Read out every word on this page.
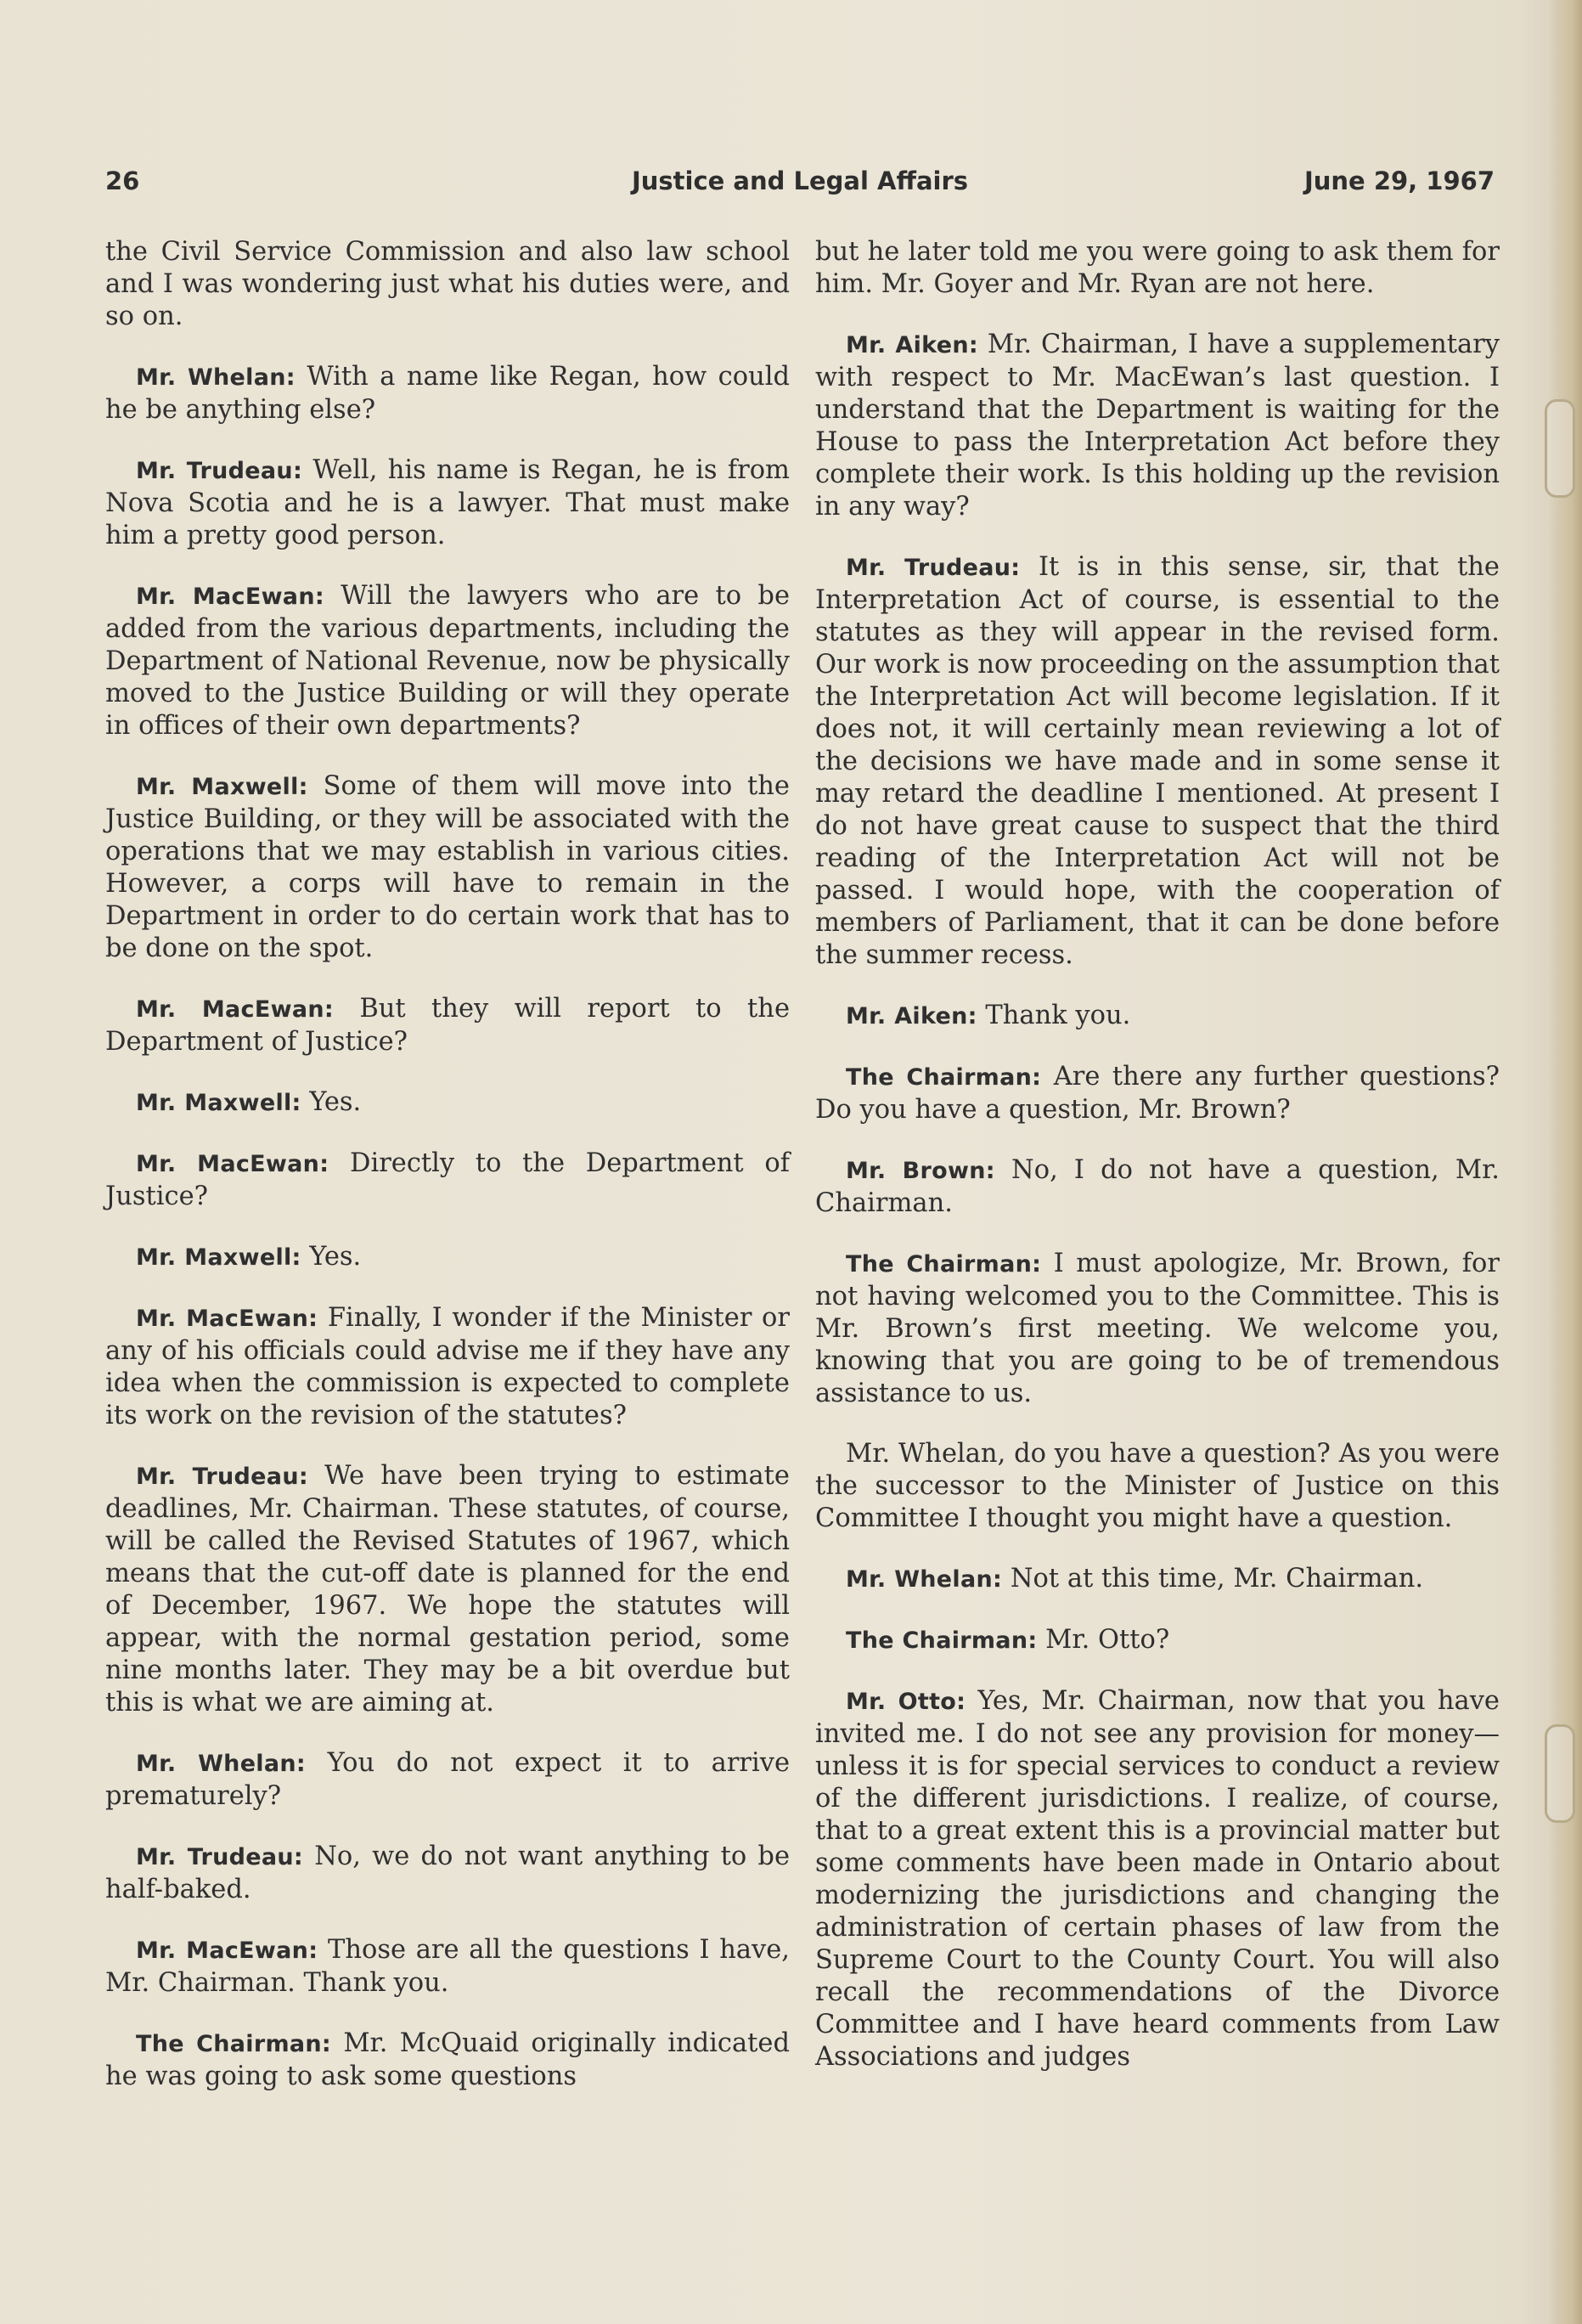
26	Justice and Legal Affairs	June 29, 1967

the Civil Service Commission and also law school and I was wondering just what his duties were, and so on.

Mr. Whelan: With a name like Regan, how could he be anything else?

Mr. Trudeau: Well, his name is Regan, he is from Nova Scotia and he is a lawyer. That must make him a pretty good person.

Mr. MacEwan: Will the lawyers who are to be added from the various departments, including the Department of National Revenue, now be physically moved to the Justice Building or will they operate in offices of their own departments?

Mr. Maxwell: Some of them will move into the Justice Building, or they will be associated with the operations that we may establish in various cities. However, a corps will have to remain in the Department in order to do certain work that has to be done on the spot.

Mr. MacEwan: But they will report to the Department of Justice?

Mr. Maxwell: Yes.

Mr. MacEwan: Directly to the Department of Justice?

Mr. Maxwell: Yes.

Mr. MacEwan: Finally, I wonder if the Minister or any of his officials could advise me if they have any idea when the commission is expected to complete its work on the revision of the statutes?

Mr. Trudeau: We have been trying to estimate deadlines, Mr. Chairman. These statutes, of course, will be called the Revised Statutes of 1967, which means that the cut-off date is planned for the end of December, 1967. We hope the statutes will appear, with the normal gestation period, some nine months later. They may be a bit overdue but this is what we are aiming at.

Mr. Whelan: You do not expect it to arrive prematurely?

Mr. Trudeau: No, we do not want anything to be half-baked.

Mr. MacEwan: Those are all the questions I have, Mr. Chairman. Thank you.

The Chairman: Mr. McQuaid originally indicated he was going to ask some questions

but he later told me you were going to ask them for him. Mr. Goyer and Mr. Ryan are not here.

Mr. Aiken: Mr. Chairman, I have a supplementary with respect to Mr. MacEwan’s last question. I understand that the Department is waiting for the House to pass the Interpretation Act before they complete their work. Is this holding up the revision in any way?

Mr. Trudeau: It is in this sense, sir, that the Interpretation Act of course, is essential to the statutes as they will appear in the revised form. Our work is now proceeding on the assumption that the Interpretation Act will become legislation. If it does not, it will certainly mean reviewing a lot of the decisions we have made and in some sense it may retard the deadline I mentioned. At present I do not have great cause to suspect that the third reading of the Interpretation Act will not be passed. I would hope, with the cooperation of members of Parliament, that it can be done before the summer recess.

Mr. Aiken: Thank you.

The Chairman: Are there any further questions? Do you have a question, Mr. Brown?

Mr. Brown: No, I do not have a question, Mr. Chairman.

The Chairman: I must apologize, Mr. Brown, for not having welcomed you to the Committee. This is Mr. Brown’s first meeting. We welcome you, knowing that you are going to be of tremendous assistance to us.

Mr. Whelan, do you have a question? As you were the successor to the Minister of Justice on this Committee I thought you might have a question.

Mr. Whelan: Not at this time, Mr. Chairman.

The Chairman: Mr. Otto?

Mr. Otto: Yes, Mr. Chairman, now that you have invited me. I do not see any provision for money—unless it is for special services to conduct a review of the different jurisdictions. I realize, of course, that to a great extent this is a provincial matter but some comments have been made in Ontario about modernizing the jurisdictions and changing the administration of certain phases of law from the Supreme Court to the County Court. You will also recall the recommendations of the Divorce Committee and I have heard comments from Law Associations and judges
